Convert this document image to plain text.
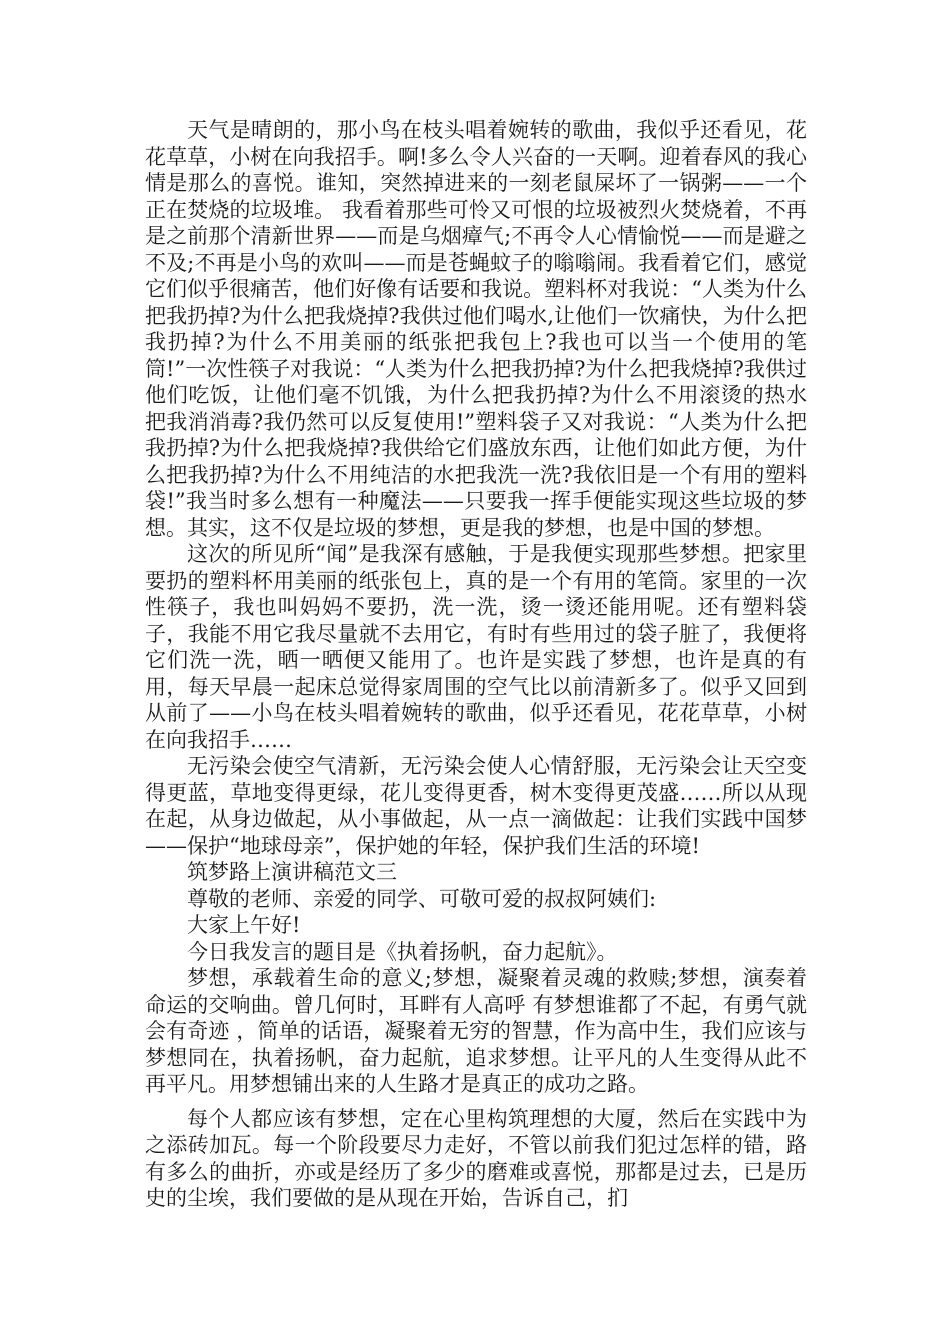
天气是晴朗的，那小鸟在枝头唱着婉转的歌曲，我似乎还看见，花花草草，小树在向我招手。啊!多么令人兴奋的一天啊。迎着春风的我心情是那么的喜悦。谁知，突然掉进来的一刻老鼠屎坏了一锅粥——一个正在焚烧的垃圾堆。 我看着那些可怜又可恨的垃圾被烈火焚烧着，不再是之前那个清新世界——而是乌烟瘴气;不再令人心情愉悦——而是避之不及;不再是小鸟的欢叫——而是苍蝇蚊子的嗡嗡闹。我看着它们，感觉它们似乎很痛苦，他们好像有话要和我说。塑料杯对我说：“人类为什么把我扔掉?为什么把我烧掉?我供过他们喝水,让他们一饮痛快，为什么把我扔掉?为什么不用美丽的纸张把我包上?我也可以当一个使用的笔筒!”一次性筷子对我说：“人类为什么把我扔掉?为什么把我烧掉?我供过他们吃饭，让他们毫不饥饿，为什么把我扔掉?为什么不用滚烫的热水把我消消毒?我仍然可以反复使用!”塑料袋子又对我说：“人类为什么把我扔掉?为什么把我烧掉?我供给它们盛放东西，让他们如此方便，为什么把我扔掉?为什么不用纯洁的水把我洗一洗?我依旧是一个有用的塑料袋!”我当时多么想有一种魔法——只要我一挥手便能实现这些垃圾的梦想。其实，这不仅是垃圾的梦想，更是我的梦想，也是中国的梦想。

这次的所见所“闻”是我深有感触，于是我便实现那些梦想。把家里要扔的塑料杯用美丽的纸张包上，真的是一个有用的笔筒。家里的一次性筷子，我也叫妈妈不要扔，洗一洗，烫一烫还能用呢。还有塑料袋子，我能不用它我尽量就不去用它，有时有些用过的袋子脏了，我便将它们洗一洗，晒一晒便又能用了。也许是实践了梦想，也许是真的有用，每天早晨一起床总觉得家周围的空气比以前清新多了。似乎又回到从前了——小鸟在枝头唱着婉转的歌曲，似乎还看见，花花草草，小树在向我招手……

无污染会使空气清新，无污染会使人心情舒服，无污染会让天空变得更蓝，草地变得更绿，花儿变得更香，树木变得更茂盛……所以从现在起，从身边做起，从小事做起，从一点一滴做起：让我们实践中国梦——保护“地球母亲”，保护她的年轻，保护我们生活的环境!

筑梦路上演讲稿范文三

尊敬的老师、亲爱的同学、可敬可爱的叔叔阿姨们:

大家上午好!

今日我发言的题目是《执着扬帆，奋力起航》。

梦想，承载着生命的意义;梦想，凝聚着灵魂的救赎;梦想，演奏着命运的交响曲。曾几何时，耳畔有人高呼 有梦想谁都了不起，有勇气就会有奇迹 ，简单的话语，凝聚着无穷的智慧，作为高中生，我们应该与梦想同在，执着扬帆，奋力起航，追求梦想。让平凡的人生变得从此不再平凡。用梦想铺出来的人生路才是真正的成功之路。

每个人都应该有梦想，定在心里构筑理想的大厦，然后在实践中为之添砖加瓦。每一个阶段要尽力走好，不管以前我们犯过怎样的错，路有多么的曲折，亦或是经历了多少的磨难或喜悦，那都是过去，已是历史的尘埃，我们要做的是从现在开始，告诉自己，扪
